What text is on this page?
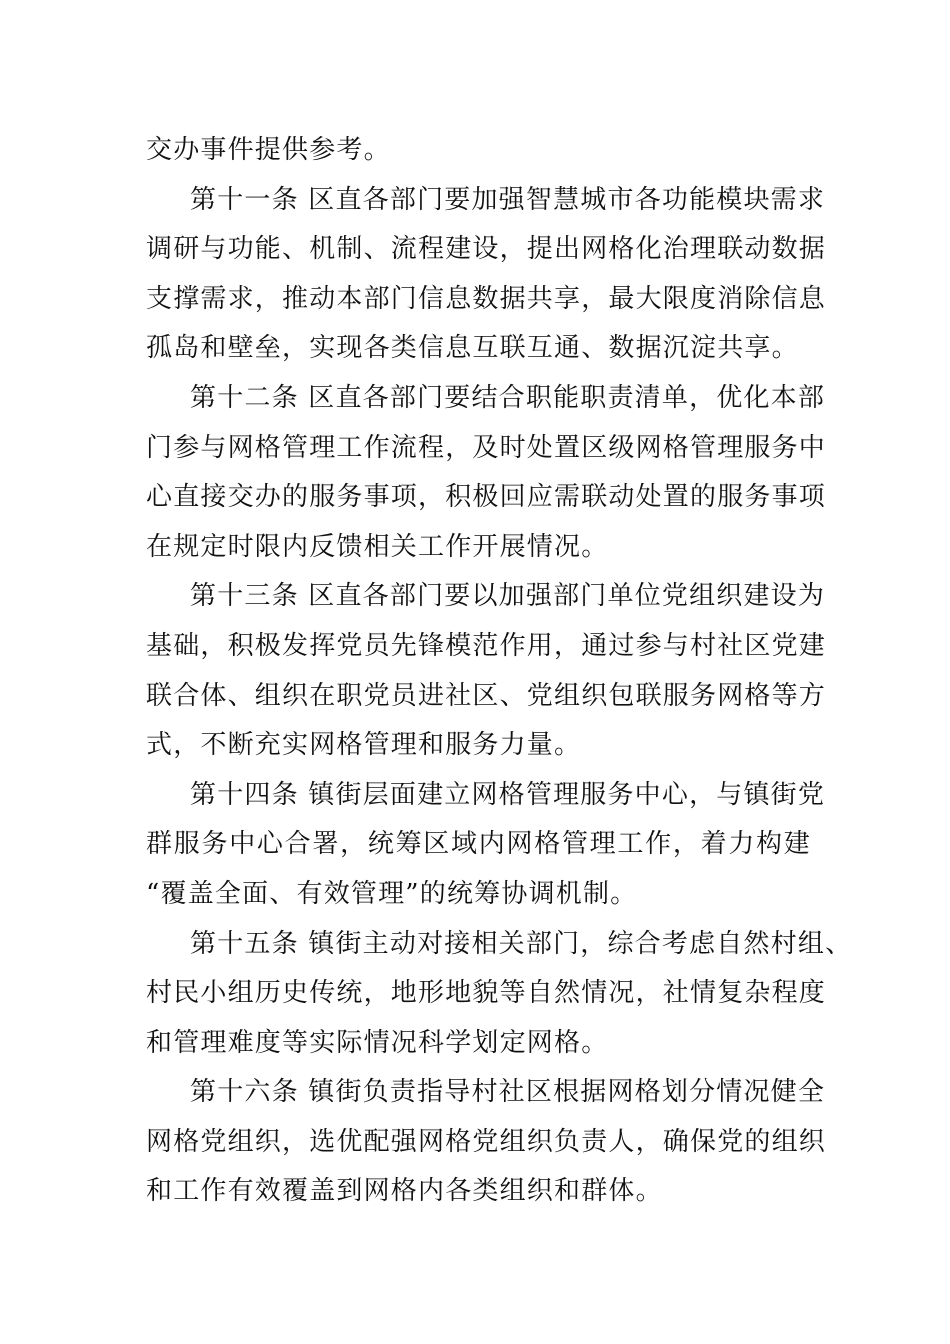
交办事件提供参考。
第十一条 区直各部门要加强智慧城市各功能模块需求
调研与功能、机制、流程建设，提出网格化治理联动数据
支撑需求，推动本部门信息数据共享，最大限度消除信息
孤岛和壁垒，实现各类信息互联互通、数据沉淀共享。
第十二条 区直各部门要结合职能职责清单，优化本部
门参与网格管理工作流程，及时处置区级网格管理服务中
心直接交办的服务事项，积极回应需联动处置的服务事项
在规定时限内反馈相关工作开展情况。
第十三条 区直各部门要以加强部门单位党组织建设为
基础，积极发挥党员先锋模范作用，通过参与村社区党建
联合体、组织在职党员进社区、党组织包联服务网格等方
式，不断充实网格管理和服务力量。
第十四条 镇街层面建立网格管理服务中心，与镇街党
群服务中心合署，统筹区域内网格管理工作，着力构建
“覆盖全面、有效管理”的统筹协调机制。
第十五条 镇街主动对接相关部门，综合考虑自然村组、
村民小组历史传统，地形地貌等自然情况，社情复杂程度
和管理难度等实际情况科学划定网格。
第十六条 镇街负责指导村社区根据网格划分情况健全
网格党组织，选优配强网格党组织负责人，确保党的组织
和工作有效覆盖到网格内各类组织和群体。
